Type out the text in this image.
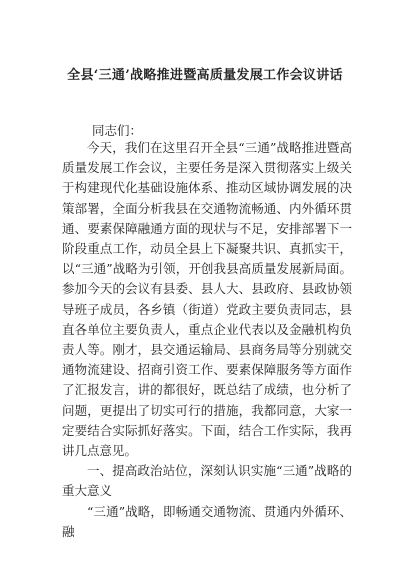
全县‘三通’战略推进暨高质量发展工作会议讲话
同志们：

今天，我们在这里召开全县“三通”战略推进暨高质量发展工作会议，主要任务是深入贯彻落实上级关于构建现代化基础设施体系、推动区域协调发展的决策部署，全面分析我县在交通物流畅通、内外循环贯通、要素保障融通方面的现状与不足，安排部署下一阶段重点工作，动员全县上下凝聚共识、真抓实干，以“三通”战略为引领，开创我县高质量发展新局面。参加今天的会议有县委、县人大、县政府、县政协领导班子成员，各乡镇（街道）党政主要负责同志，县直各单位主要负责人，重点企业代表以及金融机构负责人等。刚才，县交通运输局、县商务局等分别就交通物流建设、招商引资工作、要素保障服务等方面作了汇报发言，讲的都很好，既总结了成绩，也分析了问题，更提出了切实可行的措施，我都同意，大家一定要结合实际抓好落实。下面，结合工作实际，我再讲几点意见。

一、提高政治站位，深刻认识实施“三通”战略的重大意义

“三通”战略，即畅通交通物流、贯通内外循环、融
